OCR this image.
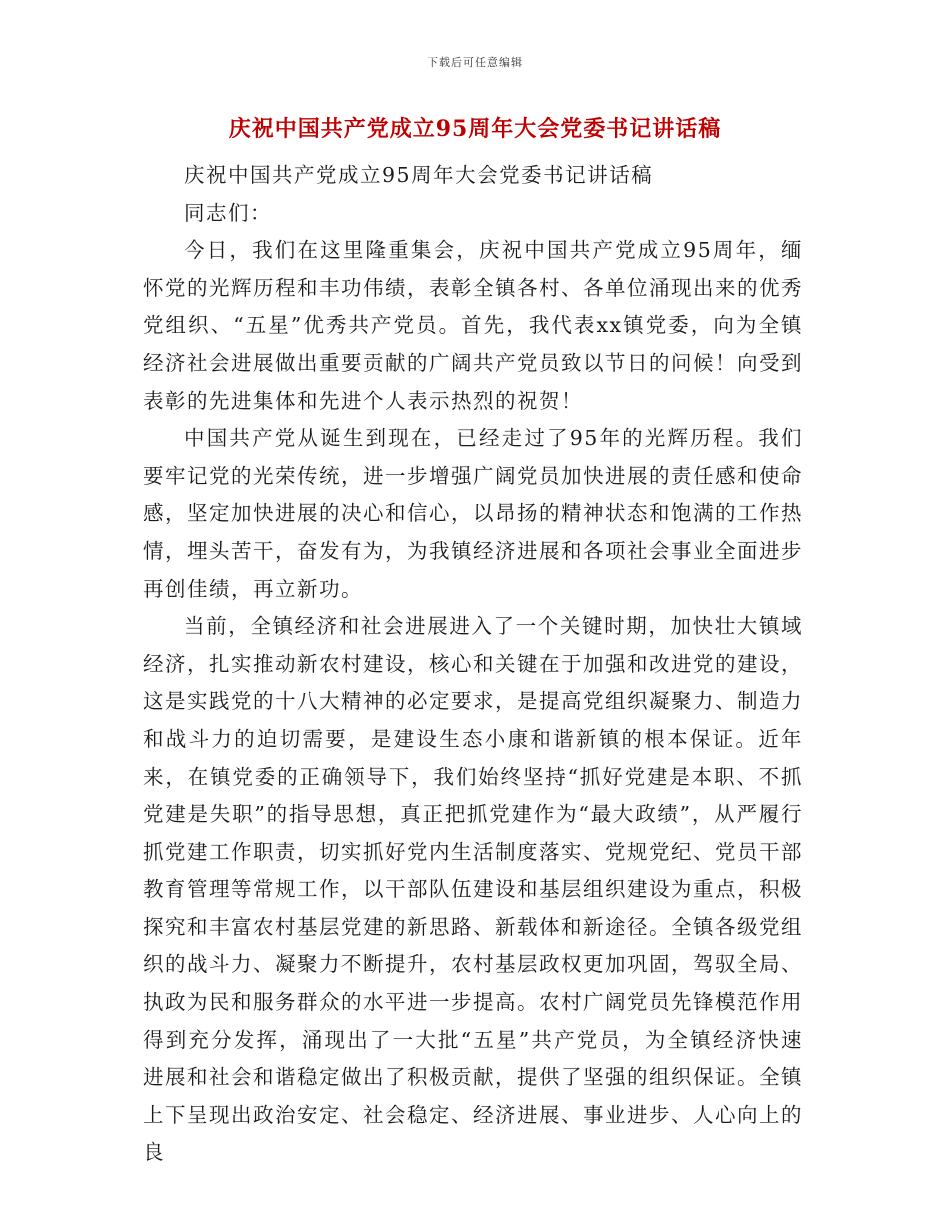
下载后可任意编辑
庆祝中国共产党成立95周年大会党委书记讲话稿

庆祝中国共产党成立95周年大会党委书记讲话稿

同志们：

今日，我们在这里隆重集会，庆祝中国共产党成立95周年，缅怀党的光辉历程和丰功伟绩，表彰全镇各村、各单位涌现出来的优秀党组织、“五星”优秀共产党员。首先，我代表xx镇党委，向为全镇经济社会进展做出重要贡献的广阔共产党员致以节日的问候！向受到表彰的先进集体和先进个人表示热烈的祝贺！

中国共产党从诞生到现在，已经走过了95年的光辉历程。我们要牢记党的光荣传统，进一步增强广阔党员加快进展的责任感和使命感，坚定加快进展的决心和信心，以昂扬的精神状态和饱满的工作热情，埋头苦干，奋发有为，为我镇经济进展和各项社会事业全面进步再创佳绩，再立新功。

当前，全镇经济和社会进展进入了一个关键时期，加快壮大镇域经济，扎实推动新农村建设，核心和关键在于加强和改进党的建设，这是实践党的十八大精神的必定要求，是提高党组织凝聚力、制造力和战斗力的迫切需要，是建设生态小康和谐新镇的根本保证。近年来，在镇党委的正确领导下，我们始终坚持“抓好党建是本职、不抓党建是失职”的指导思想，真正把抓党建作为“最大政绩”，从严履行抓党建工作职责，切实抓好党内生活制度落实、党规党纪、党员干部教育管理等常规工作，以干部队伍建设和基层组织建设为重点，积极探究和丰富农村基层党建的新思路、新载体和新途径。全镇各级党组织的战斗力、凝聚力不断提升，农村基层政权更加巩固，驾驭全局、执政为民和服务群众的水平进一步提高。农村广阔党员先锋模范作用得到充分发挥，涌现出了一大批“五星”共产党员，为全镇经济快速进展和社会和谐稳定做出了积极贡献，提供了坚强的组织保证。全镇上下呈现出政治安定、社会稳定、经济进展、事业进步、人心向上的良
